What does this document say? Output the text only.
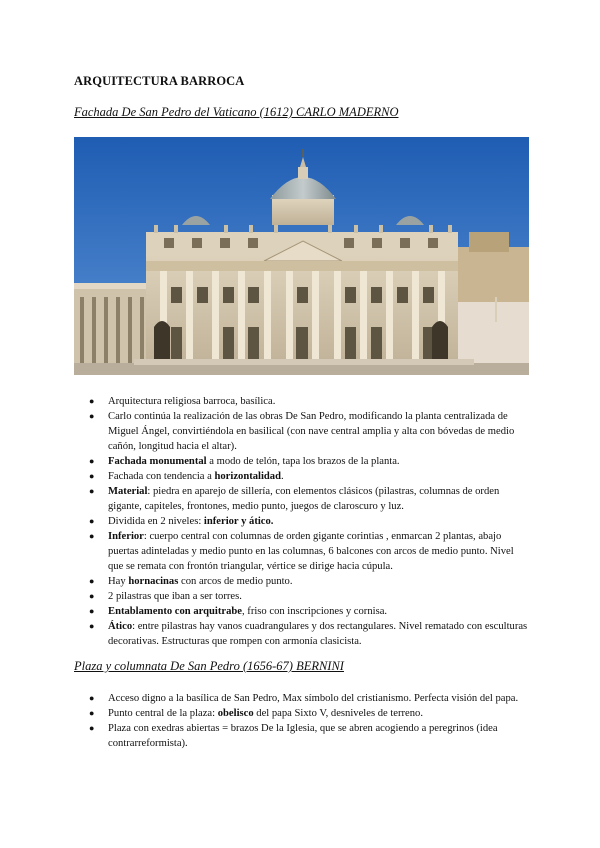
ARQUITECTURA BARROCA
Fachada De San Pedro del Vaticano (1612) CARLO MADERNO
● Arquitectura religiosa barroca, basílica.
● Carlo continúa la realización de las obras De San Pedro, modificando la planta centralizada de Miguel Ángel, convirtiéndola en basilical (con nave central amplia y alta con bóvedas de medio cañón, longitud hacia el altar).
● Fachada monumental a modo de telón, tapa los brazos de la planta.
● Fachada con tendencia a horizontalidad.
● Material: piedra en aparejo de sillería, con elementos clásicos (pilastras, columnas de orden gigante, capiteles, frontones, medio punto, juegos de claroscuro y luz.
● Dividida en 2 niveles: inferior y ático.
● Inferior: cuerpo central con columnas de orden gigante corintias , enmarcan 2 plantas, abajo puertas adinteladas y medio punto en las columnas, 6 balcones con arcos de medio punto. Nivel que se remata con frontón triangular, vértice se dirige hacia cúpula.
● Hay hornacinas con arcos de medio punto.
● 2 pilastras que iban a ser torres.
● Entablamento con arquitrabe, friso con inscripciones y cornisa.
● Ático: entre pilastras hay vanos cuadrangulares y dos rectangulares. Nivel rematado con esculturas decorativas. Estructuras que rompen con armonía clasicista.
Plaza y columnata De San Pedro (1656-67) BERNINI
● Acceso digno a la basílica de San Pedro, Max símbolo del cristianismo. Perfecta visión del papa.
● Punto central de la plaza: obelisco del papa Sixto V, desniveles de terreno.
● Plaza con exedras abiertas = brazos De la Iglesia, que se abren acogiendo a peregrinos (idea contrarreformista).
